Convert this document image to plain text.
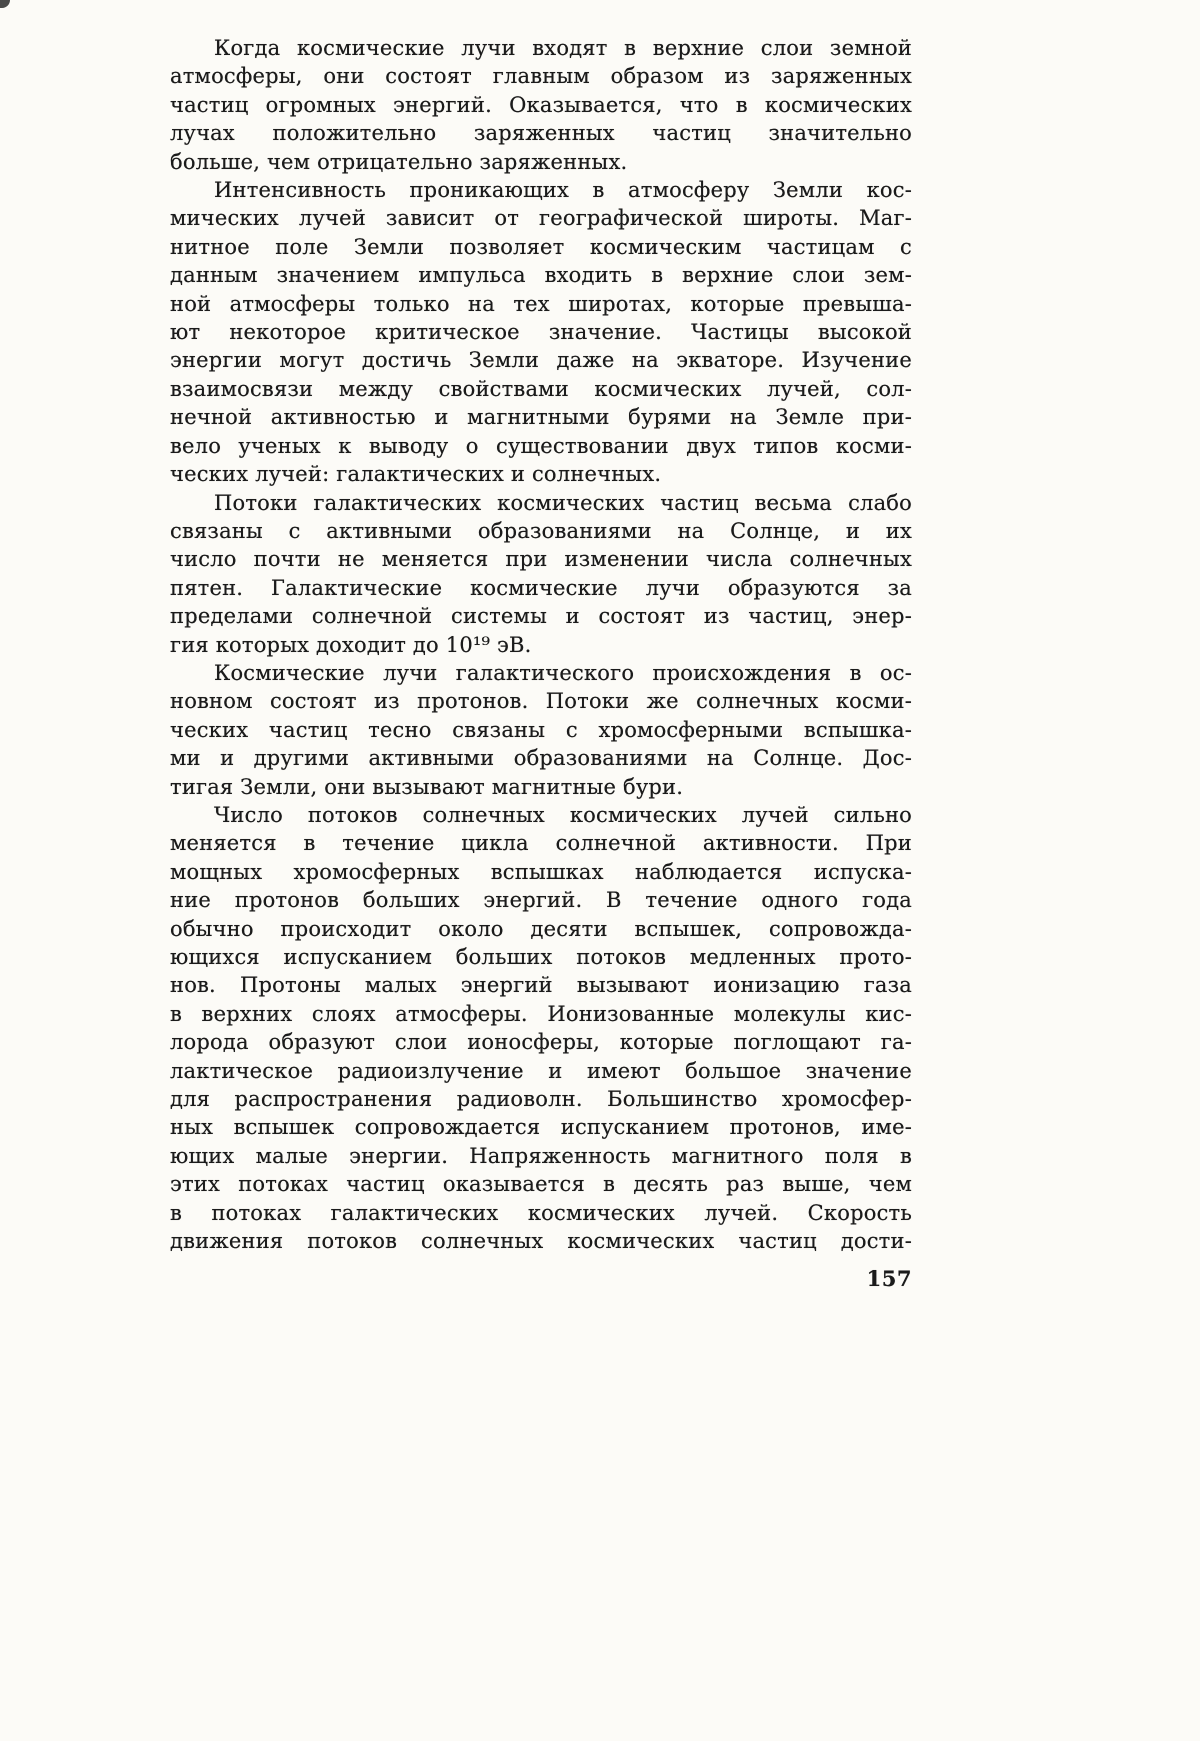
Когда космические лучи входят в верхние слои земной
атмосферы, они состоят главным образом из заряженных
частиц огромных энергий. Оказывается, что в космических
лучах положительно заряженных частиц значительно
больше, чем отрицательно заряженных.
Интенсивность проникающих в атмосферу Земли кос-
мических лучей зависит от географической широты. Маг-
нитное поле Земли позволяет космическим частицам с
данным значением импульса входить в верхние слои зем-
ной атмосферы только на тех широтах, которые превыша-
ют некоторое критическое значение. Частицы высокой
энергии могут достичь Земли даже на экваторе. Изучение
взаимосвязи между свойствами космических лучей, сол-
нечной активностью и магнитными бурями на Земле при-
вело ученых к выводу о существовании двух типов косми-
ческих лучей: галактических и солнечных.
Потоки галактических космических частиц весьма слабо
связаны с активными образованиями на Солнце, и их
число почти не меняется при изменении числа солнечных
пятен. Галактические космические лучи образуются за
пределами солнечной системы и состоят из частиц, энер-
гия которых доходит до 10¹⁹ эВ.
Космические лучи галактического происхождения в ос-
новном состоят из протонов. Потоки же солнечных косми-
ческих частиц тесно связаны с хромосферными вспышка-
ми и другими активными образованиями на Солнце. Дос-
тигая Земли, они вызывают магнитные бури.
Число потоков солнечных космических лучей сильно
меняется в течение цикла солнечной активности. При
мощных хромосферных вспышках наблюдается испуска-
ние протонов больших энергий. В течение одного года
обычно происходит около десяти вспышек, сопровожда-
ющихся испусканием больших потоков медленных прото-
нов. Протоны малых энергий вызывают ионизацию газа
в верхних слоях атмосферы. Ионизованные молекулы кис-
лорода образуют слои ионосферы, которые поглощают га-
лактическое радиоизлучение и имеют большое значение
для распространения радиоволн. Большинство хромосфер-
ных вспышек сопровождается испусканием протонов, име-
ющих малые энергии. Напряженность магнитного поля в
этих потоках частиц оказывается в десять раз выше, чем
в потоках галактических космических лучей. Скорость
движения потоков солнечных космических частиц дости-
157
